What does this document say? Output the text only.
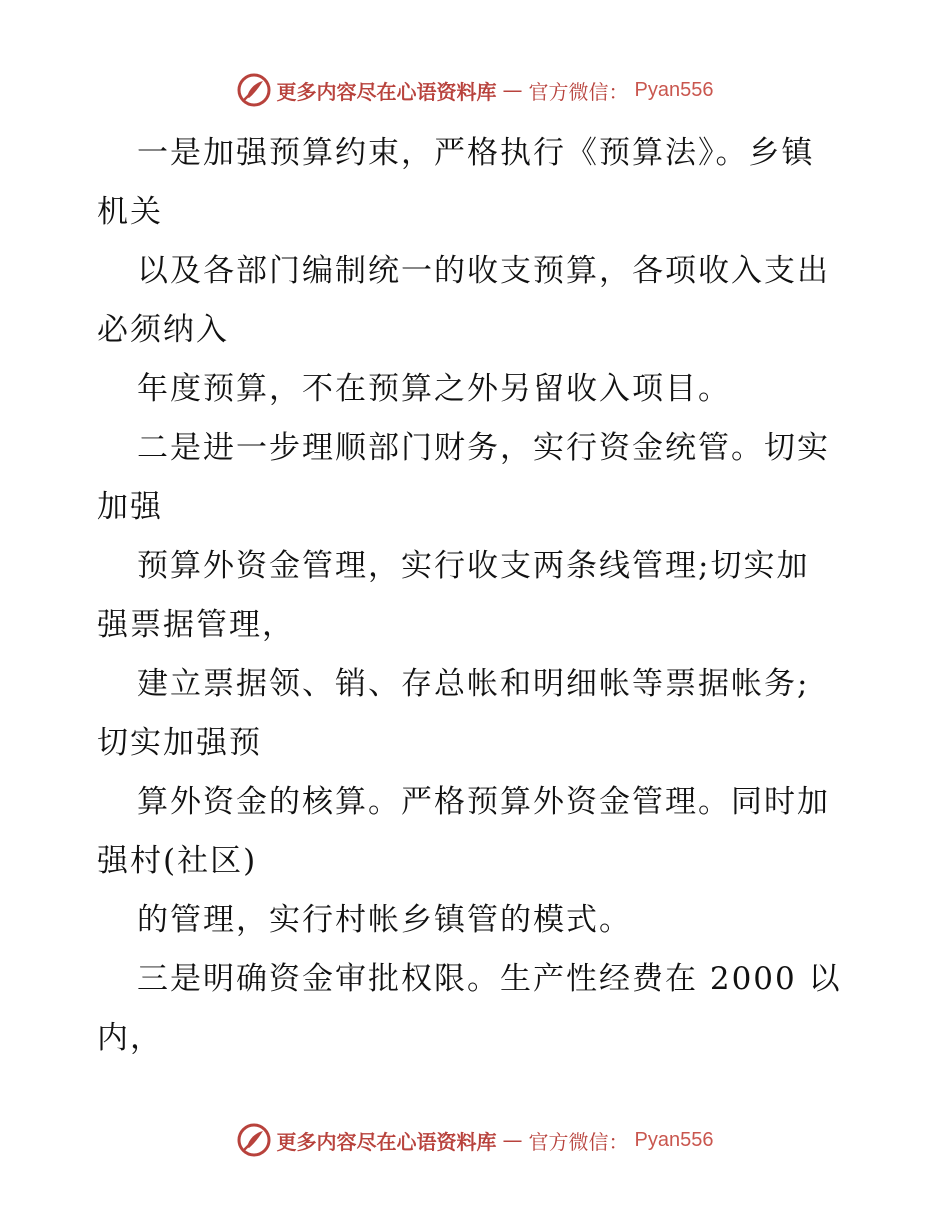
更多内容尽在心语资料库 — 官方微信： Pyan556
一是加强预算约束，严格执行《预算法》。乡镇
机关
以及各部门编制统一的收支预算，各项收入支出
必须纳入
年度预算，不在预算之外另留收入项目。
二是进一步理顺部门财务，实行资金统管。切实
加强
预算外资金管理，实行收支两条线管理;切实加
强票据管理，
建立票据领、销、存总帐和明细帐等票据帐务;
切实加强预
算外资金的核算。严格预算外资金管理。同时加
强村(社区)
的管理，实行村帐乡镇管的模式。
三是明确资金审批权限。生产性经费在 2000 以
内，
更多内容尽在心语资料库 — 官方微信： Pyan556
